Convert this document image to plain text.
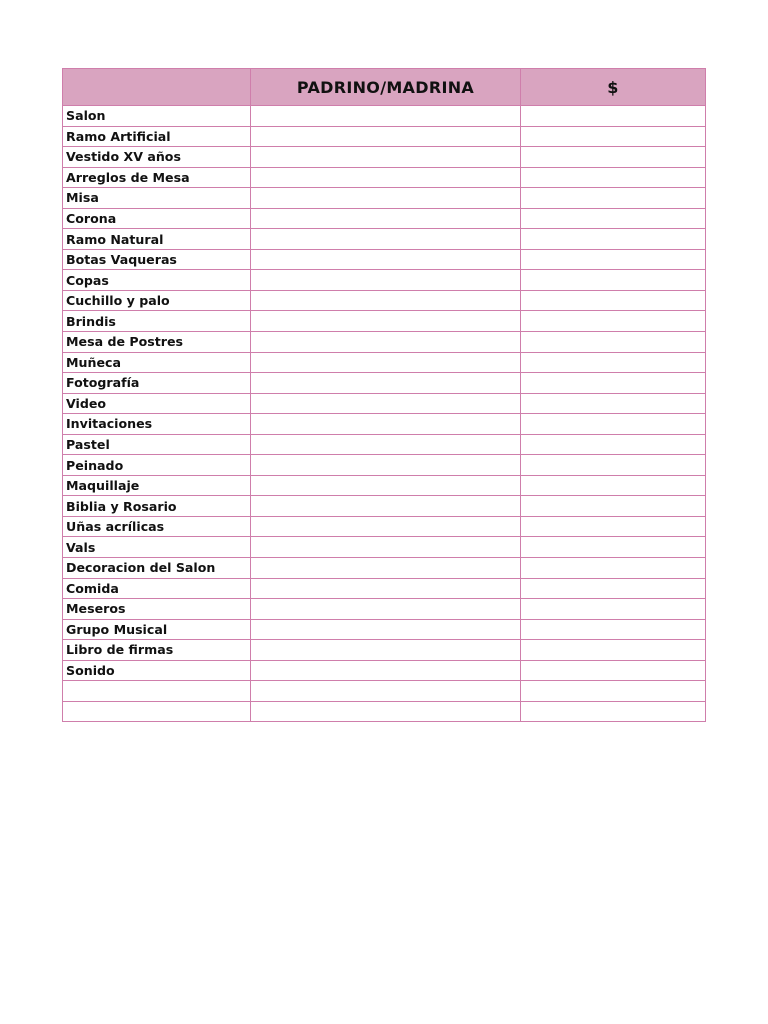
	PADRINO/MADRINA	$
Salon		
Ramo Artificial		
Vestido XV años		
Arreglos de Mesa		
Misa		
Corona		
Ramo Natural		
Botas Vaqueras		
Copas		
Cuchillo y palo		
Brindis		
Mesa de Postres		
Muñeca		
Fotografía		
Video		
Invitaciones		
Pastel		
Peinado		
Maquillaje		
Biblia y Rosario		
Uñas acrílicas		
Vals		
Decoracion del Salon		
Comida		
Meseros		
Grupo Musical		
Libro de firmas		
Sonido		
